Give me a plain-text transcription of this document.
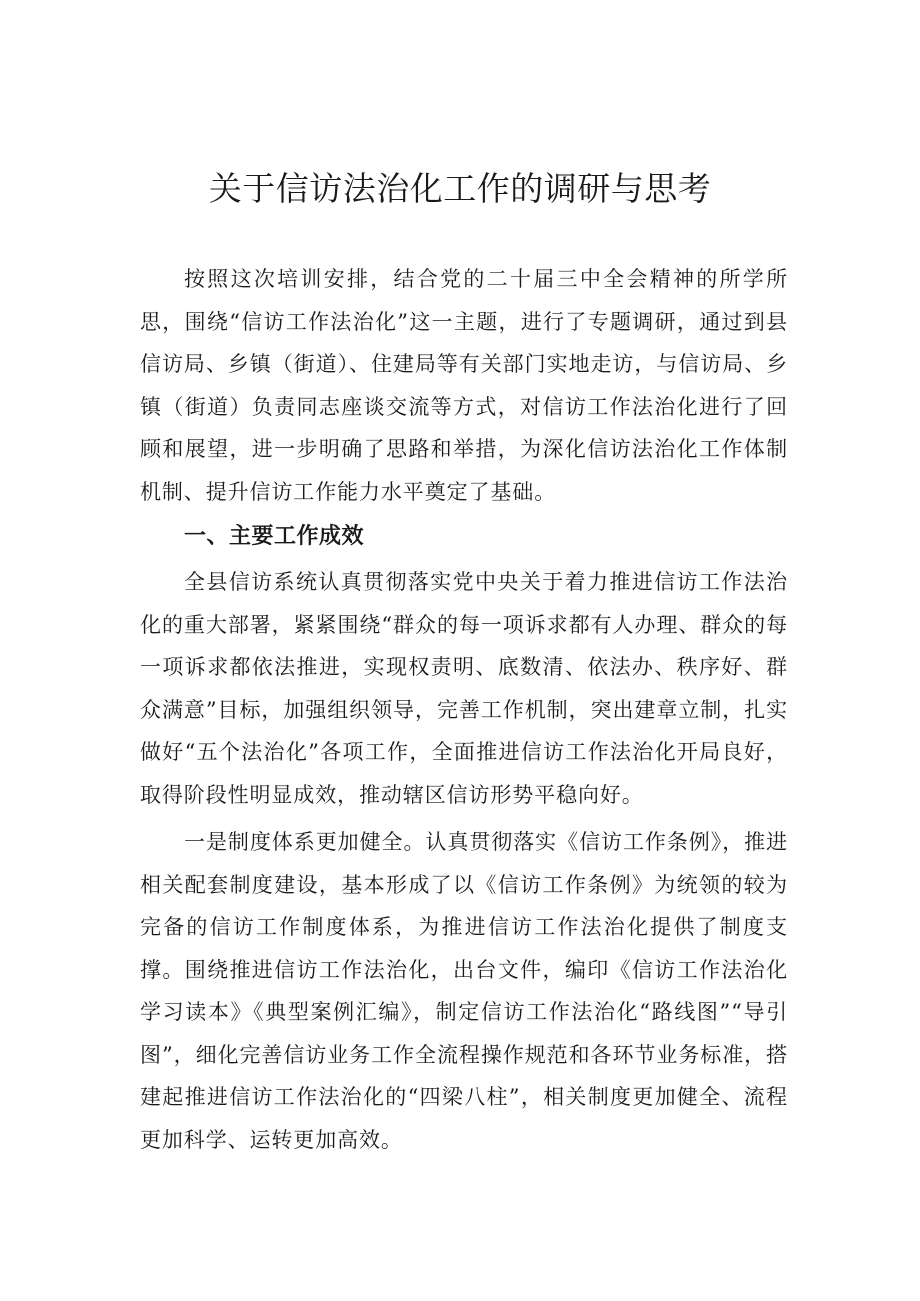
关于信访法治化工作的调研与思考

按照这次培训安排，结合党的二十届三中全会精神的所学所思，围绕“信访工作法治化”这一主题，进行了专题调研，通过到县信访局、乡镇（街道）、住建局等有关部门实地走访，与信访局、乡镇（街道）负责同志座谈交流等方式，对信访工作法治化进行了回顾和展望，进一步明确了思路和举措，为深化信访法治化工作体制机制、提升信访工作能力水平奠定了基础。

一、主要工作成效

全县信访系统认真贯彻落实党中央关于着力推进信访工作法治化的重大部署，紧紧围绕“群众的每一项诉求都有人办理、群众的每一项诉求都依法推进，实现权责明、底数清、依法办、秩序好、群众满意”目标，加强组织领导，完善工作机制，突出建章立制，扎实做好“五个法治化”各项工作，全面推进信访工作法治化开局良好，取得阶段性明显成效，推动辖区信访形势平稳向好。

一是制度体系更加健全。认真贯彻落实《信访工作条例》，推进相关配套制度建设，基本形成了以《信访工作条例》为统领的较为完备的信访工作制度体系，为推进信访工作法治化提供了制度支撑。围绕推进信访工作法治化，出台文件，编印《信访工作法治化学习读本》《典型案例汇编》，制定信访工作法治化“路线图”“导引图”，细化完善信访业务工作全流程操作规范和各环节业务标准，搭建起推进信访工作法治化的“四梁八柱”，相关制度更加健全、流程更加科学、运转更加高效。
